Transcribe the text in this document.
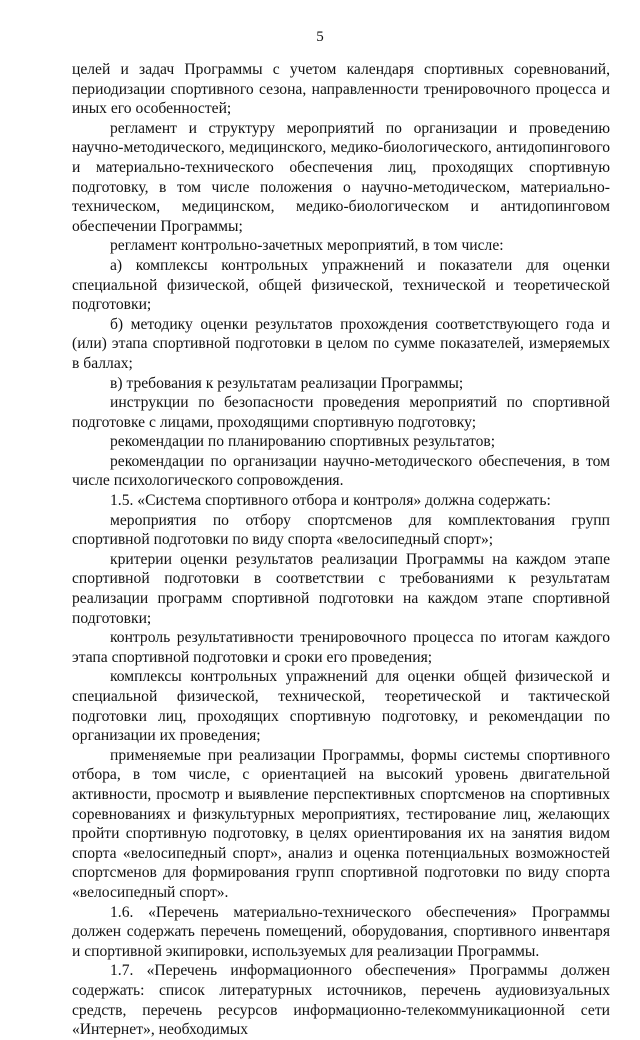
5

целей и задач Программы с учетом календаря спортивных соревнований, периодизации спортивного сезона, направленности тренировочного процесса и иных его особенностей;

регламент и структуру мероприятий по организации и проведению научно-методического, медицинского, медико-биологического, антидопингового и материально-технического обеспечения лиц, проходящих спортивную подготовку, в том числе положения о научно-методическом, материально-техническом, медицинском, медико-биологическом и антидопинговом обеспечении Программы;

регламент контрольно-зачетных мероприятий, в том числе:

а) комплексы контрольных упражнений и показатели для оценки специальной физической, общей физической, технической и теоретической подготовки;

б) методику оценки результатов прохождения соответствующего года и (или) этапа спортивной подготовки в целом по сумме показателей, измеряемых в баллах;

в) требования к результатам реализации Программы;

инструкции по безопасности проведения мероприятий по спортивной подготовке с лицами, проходящими спортивную подготовку;

рекомендации по планированию спортивных результатов;

рекомендации по организации научно-методического обеспечения, в том числе психологического сопровождения.

1.5. «Система спортивного отбора и контроля» должна содержать:

мероприятия по отбору спортсменов для комплектования групп спортивной подготовки по виду спорта «велосипедный спорт»;

критерии оценки результатов реализации Программы на каждом этапе спортивной подготовки в соответствии с требованиями к результатам реализации программ спортивной подготовки на каждом этапе спортивной подготовки;

контроль результативности тренировочного процесса по итогам каждого этапа спортивной подготовки и сроки его проведения;

комплексы контрольных упражнений для оценки общей физической и специальной физической, технической, теоретической и тактической подготовки лиц, проходящих спортивную подготовку, и рекомендации по организации их проведения;

применяемые при реализации Программы, формы системы спортивного отбора, в том числе, с ориентацией на высокий уровень двигательной активности, просмотр и выявление перспективных спортсменов на спортивных соревнованиях и физкультурных мероприятиях, тестирование лиц, желающих пройти спортивную подготовку, в целях ориентирования их на занятия видом спорта «велосипедный спорт», анализ и оценка потенциальных возможностей спортсменов для формирования групп спортивной подготовки по виду спорта «велосипедный спорт».

1.6. «Перечень материально-технического обеспечения» Программы должен содержать перечень помещений, оборудования, спортивного инвентаря и спортивной экипировки, используемых для реализации Программы.

1.7. «Перечень информационного обеспечения» Программы должен содержать: список литературных источников, перечень аудиовизуальных средств, перечень ресурсов информационно-телекоммуникационной сети «Интернет», необходимых
